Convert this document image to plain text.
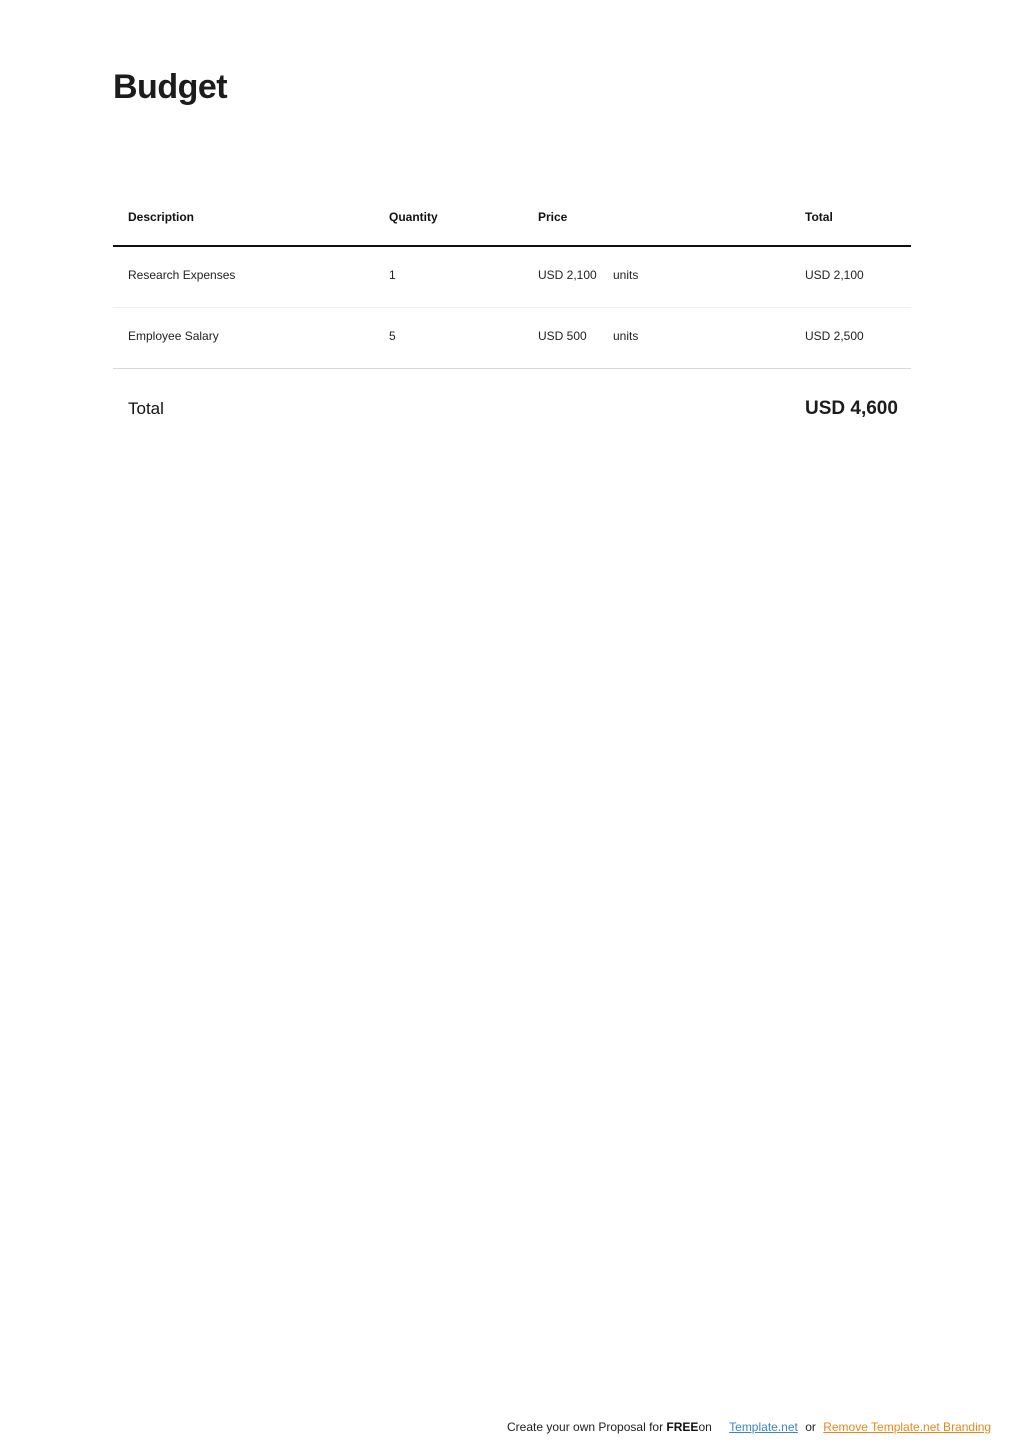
Budget
Description	Quantity	Price	Total
Research Expenses	1	USD 2,100 units	USD 2,100
Employee Salary	5	USD 500 units	USD 2,500
Total	USD 4,600
Create your own Proposal for FREEon Template.net or Remove Template.net Branding
